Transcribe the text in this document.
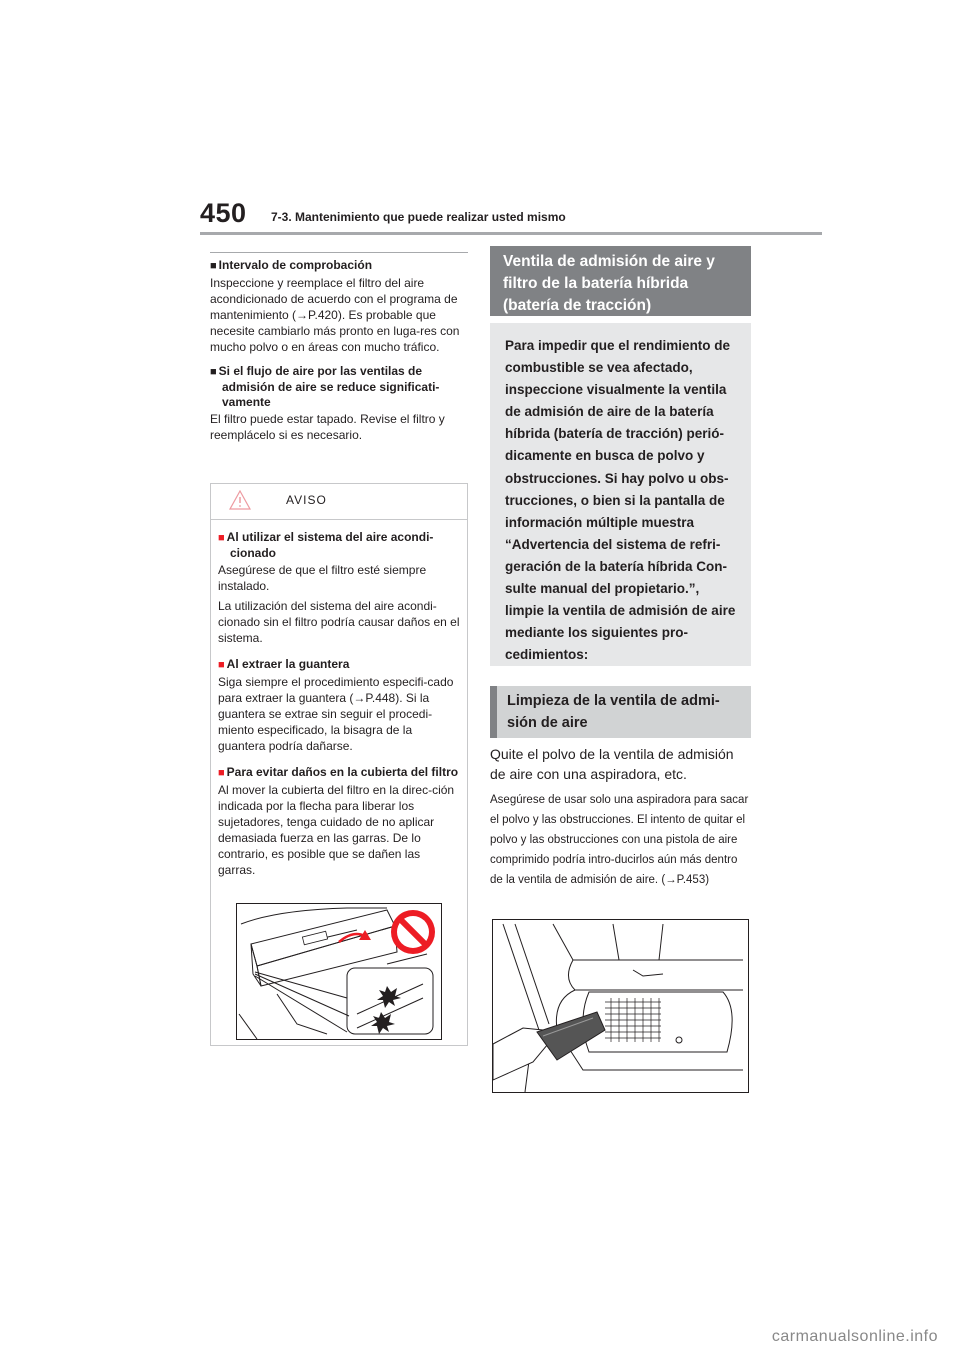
450 7-3. Mantenimiento que puede realizar usted mismo

■ Intervalo de comprobación

Inspeccione y reemplace el filtro del aire acondicionado de acuerdo con el programa de mantenimiento (→P.420). Es probable que necesite cambiarlo más pronto en luga-res con mucho polvo o en áreas con mucho tráfico.

■ Si el flujo de aire por las ventilas de admisión de aire se reduce significati-vamente

El filtro puede estar tapado. Revise el filtro y reemplácelo si es necesario.

AVISO

■ Al utilizar el sistema del aire acondi-cionado

Asegúrese de que el filtro esté siempre instalado.

La utilización del sistema del aire acondi-cionado sin el filtro podría causar daños en el sistema.

■ Al extraer la guantera

Siga siempre el procedimiento especifi-cado para extraer la guantera (→P.448). Si la guantera se extrae sin seguir el procedi-miento especificado, la bisagra de la guantera podría dañarse.

■ Para evitar daños en la cubierta del filtro

Al mover la cubierta del filtro en la direc-ción indicada por la flecha para liberar los sujetadores, tenga cuidado de no aplicar demasiada fuerza en las garras. De lo contrario, es posible que se dañen las garras.

Ventila de admisión de aire y filtro de la batería híbrida (batería de tracción)
Para impedir que el rendimiento de combustible se vea afectado, inspeccione visualmente la ventila de admisión de aire de la batería híbrida (batería de tracción) perió-dicamente en busca de polvo y obstrucciones. Si hay polvo u obs-trucciones, o bien si la pantalla de información múltiple muestra “Advertencia del sistema de refri-geración de la batería híbrida Con-sulte manual del propietario.”, limpie la ventila de admisión de aire mediante los siguientes pro-cedimientos:
Limpieza de la ventila de admi-sión de aire
Quite el polvo de la ventila de admisión de aire con una aspiradora, etc.
Asegúrese de usar solo una aspiradora para sacar el polvo y las obstrucciones. El intento de quitar el polvo y las obstrucciones con una pistola de aire comprimido podría intro-ducirlos aún más dentro de la ventila de admisión de aire. (→P.453)
carmanualsonline.info
